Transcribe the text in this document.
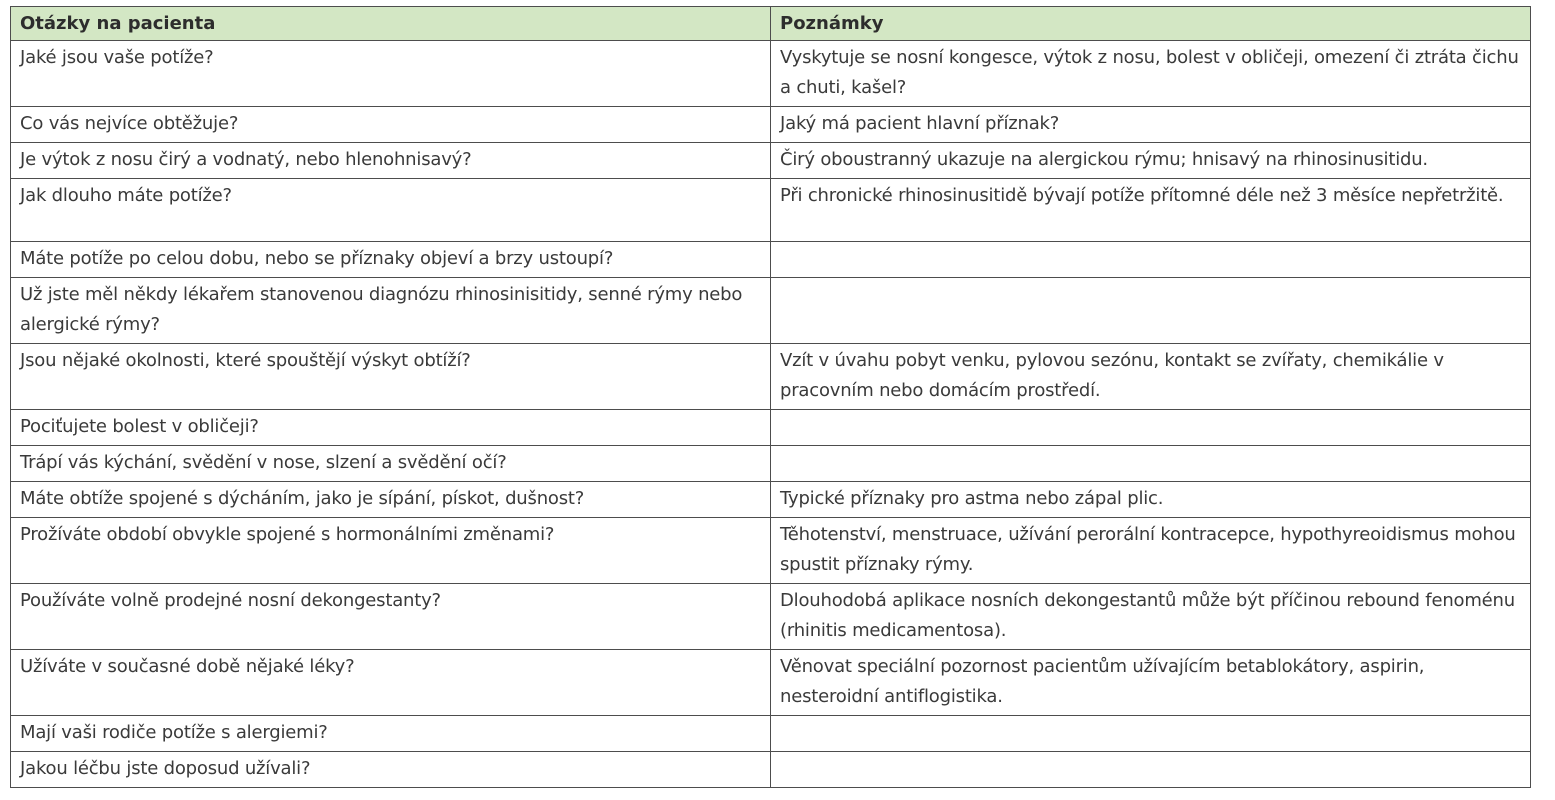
Otázky na pacienta	Poznámky
Jaké jsou vaše potíže?	Vyskytuje se nosní kongesce, výtok z nosu, bolest v obličeji, omezení či ztráta čichu a chuti, kašel?
Co vás nejvíce obtěžuje?	Jaký má pacient hlavní příznak?
Je výtok z nosu čirý a vodnatý, nebo hlenohnisavý?	Čirý oboustranný ukazuje na alergickou rýmu; hnisavý na rhinosinusitidu.
Jak dlouho máte potíže?	Při chronické rhinosinusitidě bývají potíže přítomné déle než 3 měsíce nepřetržitě.
Máte potíže po celou dobu, nebo se příznaky objeví a brzy ustoupí?	
Už jste měl někdy lékařem stanovenou diagnózu rhinosinisitidy, senné rýmy nebo alergické rýmy?	
Jsou nějaké okolnosti, které spouštějí výskyt obtíží?	Vzít v úvahu pobyt venku, pylovou sezónu, kontakt se zvířaty, chemikálie v pracovním nebo domácím prostředí.
Pociťujete bolest v obličeji?	
Trápí vás kýchání, svědění v nose, slzení a svědění očí?	
Máte obtíže spojené s dýcháním, jako je sípání, pískot, dušnost?	Typické příznaky pro astma nebo zápal plic.
Prožíváte období obvykle spojené s hormonálními změnami?	Těhotenství, menstruace, užívání perorální kontracepce, hypothyreoidismus mohou spustit příznaky rýmy.
Používáte volně prodejné nosní dekongestanty?	Dlouhodobá aplikace nosních dekongestantů může být příčinou rebound fenoménu (rhinitis medicamentosa).
Užíváte v současné době nějaké léky?	Věnovat speciální pozornost pacientům užívajícím betablokátory, aspirin, nesteroidní antiflogistika.
Mají vaši rodiče potíže s alergiemi?	
Jakou léčbu jste doposud užívali?	
